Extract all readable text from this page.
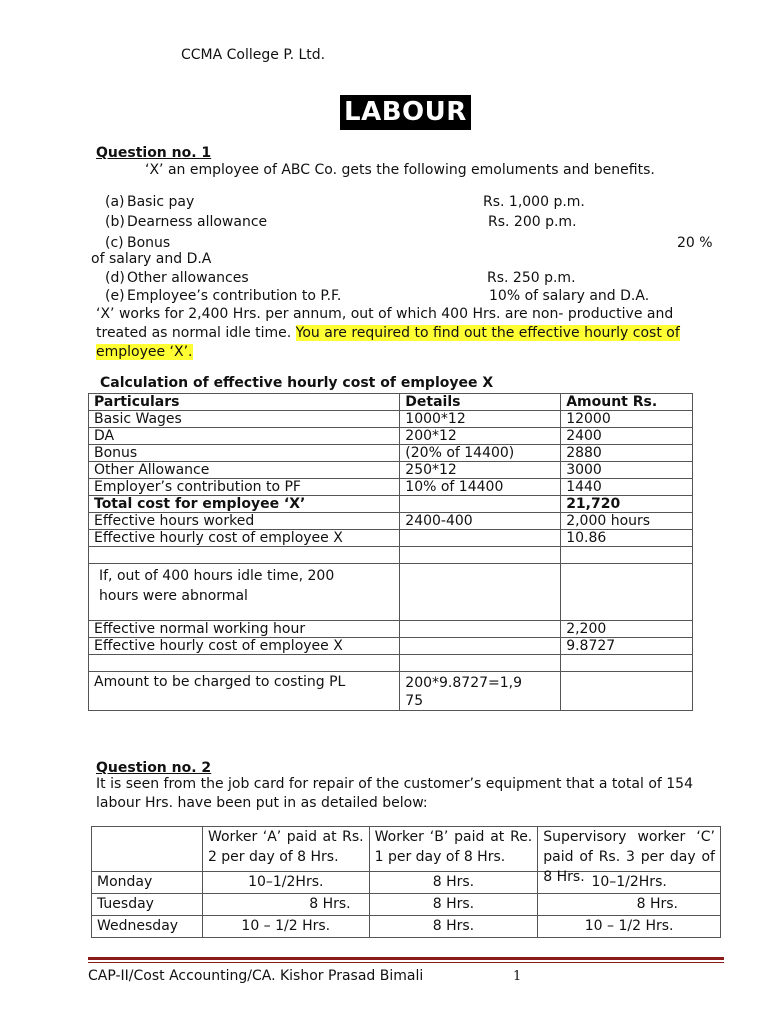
CCMA College P. Ltd.
LABOUR
Question no. 1
‘X’ an employee of ABC Co. gets the following emoluments and benefits.
(a) Basic pay	Rs. 1,000 p.m.
(b) Dearness allowance	Rs. 200 p.m.
(c) Bonus	20 %
of salary and D.A
(d) Other allowances	Rs. 250 p.m.
(e) Employee’s contribution to P.F.	10% of salary and D.A.
‘X’ works for 2,400 Hrs. per annum, out of which 400 Hrs. are non- productive and
treated as normal idle time. You are required to find out the effective hourly cost of
employee ‘X’.
Calculation of effective hourly cost of employee X
Particulars	Details	Amount Rs.
Basic Wages	1000*12	12000
DA	200*12	2400
Bonus	(20% of 14400)	2880
Other Allowance	250*12	3000
Employer’s contribution to PF	10% of 14400	1440
Total cost for employee ‘X’		21,720
Effective hours worked	2400-400	2,000 hours
Effective hourly cost of employee X		10.86

If, out of 400 hours idle time, 200
hours were abnormal		

Effective normal working hour		2,200
Effective hourly cost of employee X		9.8727

Amount to be charged to costing PL	200*9.8727=1,9
75	

Question no. 2
It is seen from the job card for repair of the customer’s equipment that a total of 154
labour Hrs. have been put in as detailed below:

	Worker ‘A’ paid at Rs. 2 per day of 8 Hrs.	Worker ‘B’ paid at Re. 1 per day of 8 Hrs.	Supervisory worker ‘C’ paid of Rs. 3 per day of 8 Hrs.

Monday	10–1/2Hrs.	8 Hrs.	10–1/2Hrs.
Tuesday	8 Hrs.	8 Hrs.	8 Hrs.
Wednesday	10 – 1/2 Hrs.	8 Hrs.	10 – 1/2 Hrs.
CAP-II/Cost Accounting/CA. Kishor Prasad Bimali	1
